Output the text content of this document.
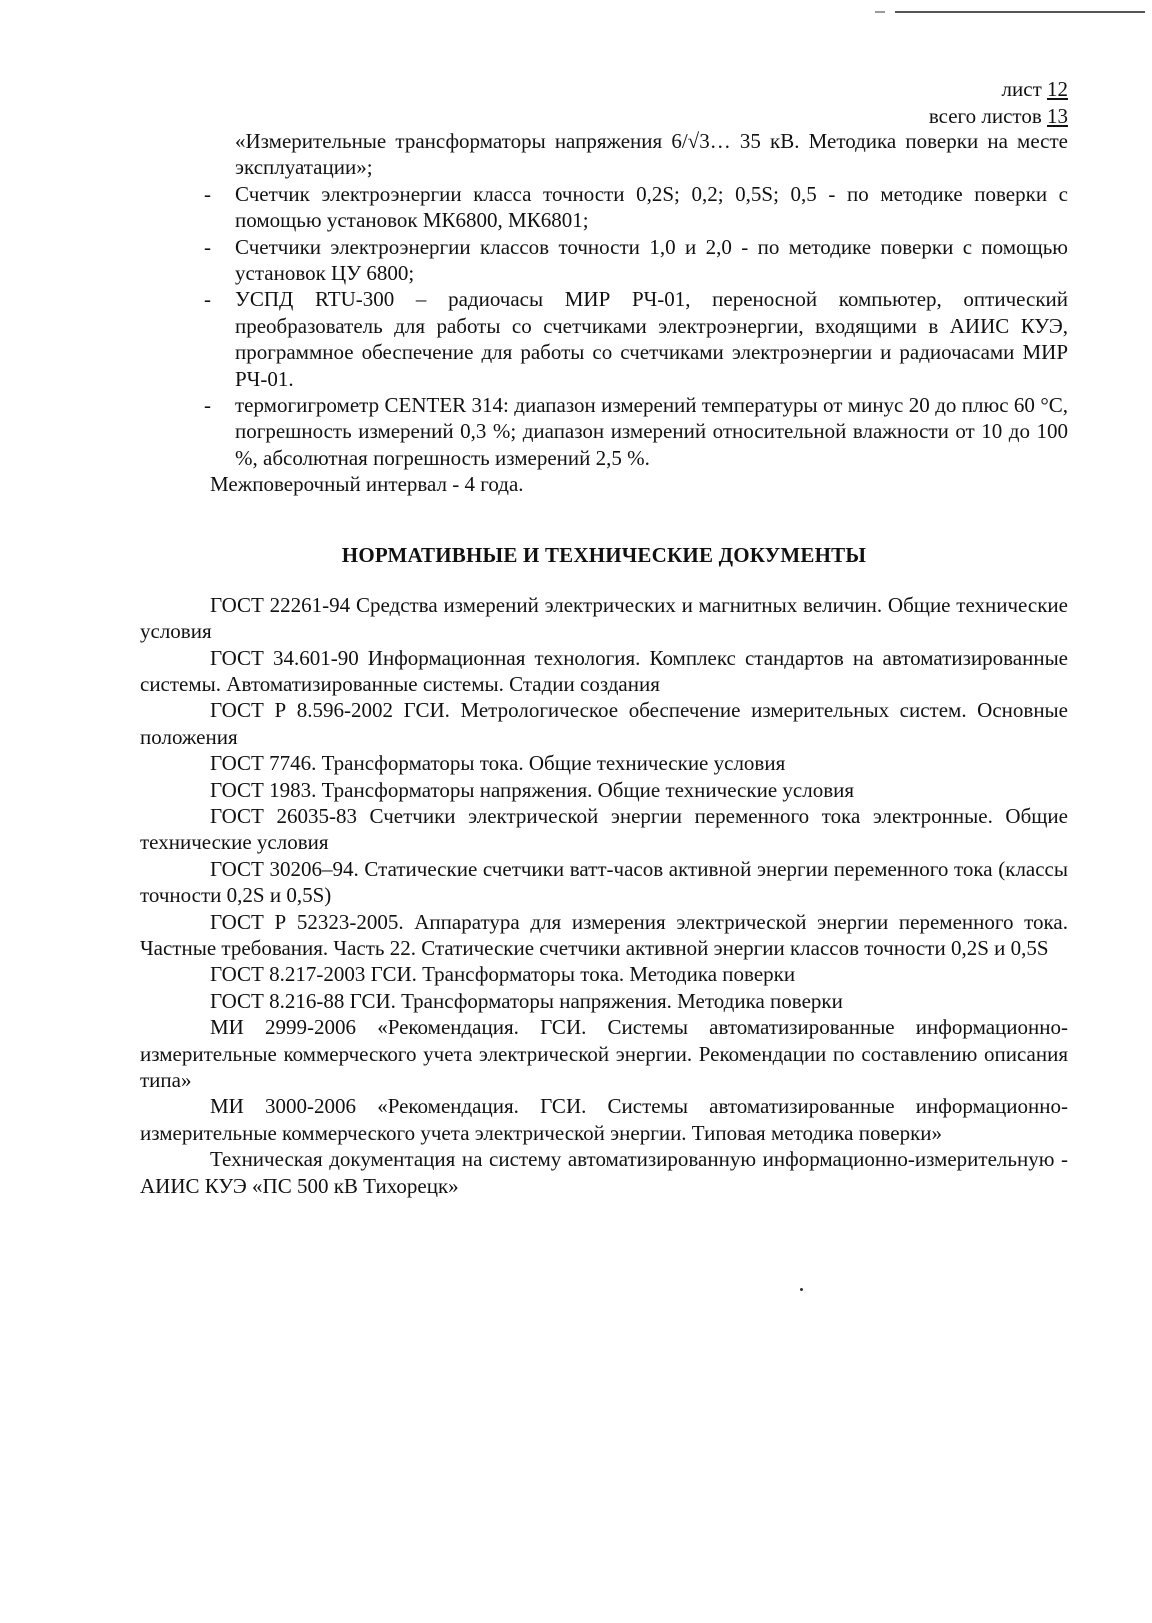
лист 12
всего листов 13
«Измерительные трансформаторы напряжения 6/√3… 35 кВ. Методика поверки на месте эксплуатации»;
- Счетчик электроэнергии класса точности 0,2S; 0,2; 0,5S; 0,5 - по методике поверки с помощью установок МК6800, МК6801;
- Счетчики электроэнергии классов точности 1,0 и 2,0 - по методике поверки с помощью установок ЦУ 6800;
- УСПД RTU-300 – радиочасы МИР РЧ-01, переносной компьютер, оптический преобразователь для работы со счетчиками электроэнергии, входящими в АИИС КУЭ, программное обеспечение для работы со счетчиками электроэнергии и радиочасами МИР РЧ-01.
- термогигрометр CENTER 314: диапазон измерений температуры от минус 20 до плюс 60 °С, погрешность измерений 0,3 %; диапазон измерений относительной влажности от 10 до 100 %, абсолютная погрешность измерений 2,5 %.
Межповерочный интервал - 4 года.
НОРМАТИВНЫЕ И ТЕХНИЧЕСКИЕ ДОКУМЕНТЫ

ГОСТ 22261-94 Средства измерений электрических и магнитных величин. Общие технические условия

ГОСТ 34.601-90 Информационная технология. Комплекс стандартов на автоматизированные системы. Автоматизированные системы. Стадии создания

ГОСТ Р 8.596-2002 ГСИ. Метрологическое обеспечение измерительных систем. Основные положения

ГОСТ 7746. Трансформаторы тока. Общие технические условия

ГОСТ 1983. Трансформаторы напряжения. Общие технические условия

ГОСТ 26035-83 Счетчики электрической энергии переменного тока электронные. Общие технические условия

ГОСТ 30206–94. Статические счетчики ватт-часов активной энергии переменного тока (классы точности 0,2S и 0,5S)

ГОСТ Р 52323-2005. Аппаратура для измерения электрической энергии переменного тока. Частные требования. Часть 22. Статические счетчики активной энергии классов точности 0,2S и 0,5S

ГОСТ 8.217-2003 ГСИ. Трансформаторы тока. Методика поверки

ГОСТ 8.216-88 ГСИ. Трансформаторы напряжения. Методика поверки

МИ 2999-2006 «Рекомендация. ГСИ. Системы автоматизированные информационно-измерительные коммерческого учета электрической энергии. Рекомендации по составлению описания типа»

МИ 3000-2006 «Рекомендация. ГСИ. Системы автоматизированные информационно-измерительные коммерческого учета электрической энергии. Типовая методика поверки»

Техническая документация на систему автоматизированную информационно-измерительную - АИИС КУЭ «ПС 500 кВ Тихорецк»
